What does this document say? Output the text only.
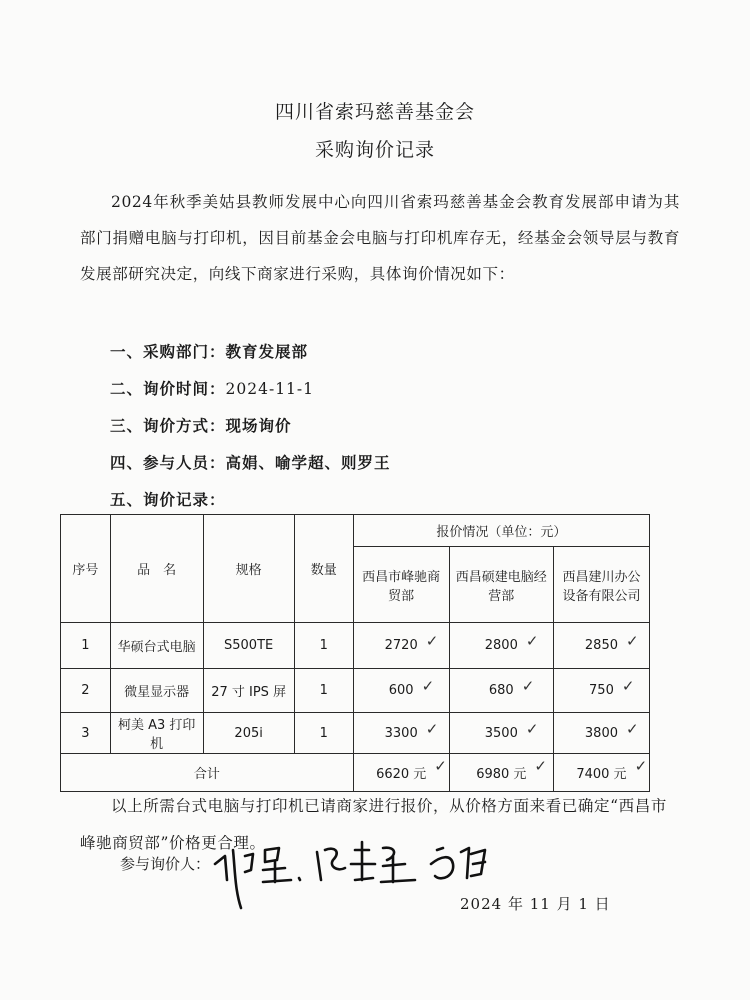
四川省索玛慈善基金会
采购询价记录
2024年秋季美姑县教师发展中心向四川省索玛慈善基金会教育发展部申请为其部门捐赠电脑与打印机，因目前基金会电脑与打印机库存无，经基金会领导层与教育发展部研究决定，向线下商家进行采购，具体询价情况如下：
一、采购部门：教育发展部
二、询价时间：2024-11-1
三、询价方式：现场询价
四、参与人员：高娟、喻学超、则罗王
五、询价记录：
序号	品　名	规格	数量	报价情况（单位：元）		
				西昌市峰驰商贸部	西昌硕建电脑经营部	西昌建川办公设备有限公司
1	华硕台式电脑	S500TE	1	2720 ✓	2800 ✓	2850 ✓

2	微星显示器	27 寸 IPS 屏	1	600 ✓	680 ✓	750 ✓

3	柯美 A3 打印机	205i	1	3300 ✓	3500 ✓	3800 ✓

合计				6620 元 ✓	6980 元 ✓	7400 元 ✓
以上所需台式电脑与打印机已请商家进行报价，从价格方面来看已确定“西昌市峰驰商贸部”价格更合理。
参与询价人：
2024 年 11 月 1 日
